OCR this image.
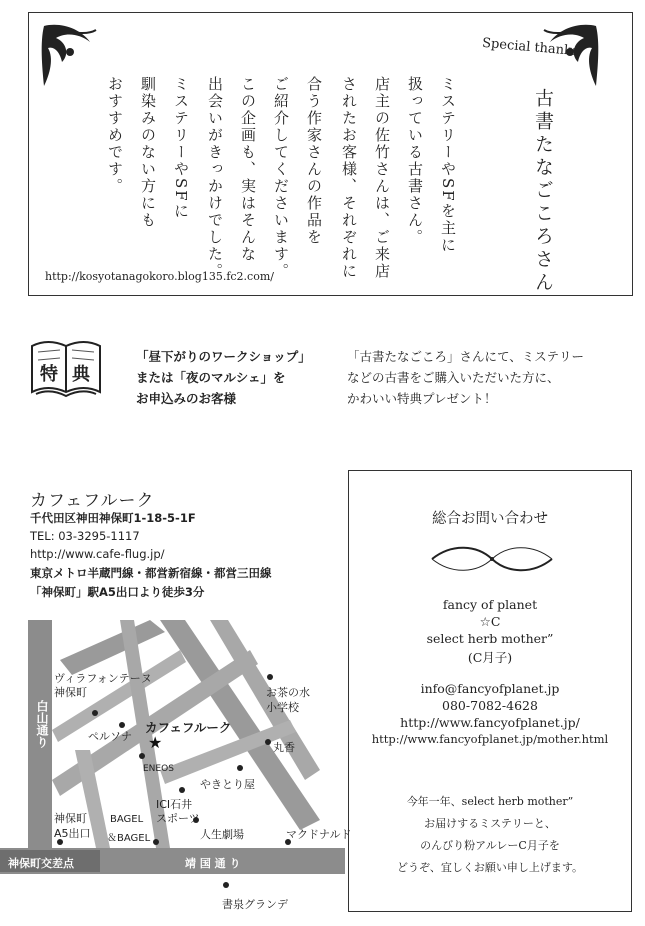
Special thanks
古書たなごころさん
ミステリーやSFを主に
扱っている古書さん。
店主の佐竹さんは、ご来店
されたお客様、それぞれに
合う作家さんの作品を
ご紹介してくださいます。
この企画も、実はそんな
出会いがきっかけでした。
ミステリーやSFに
馴染みのない方にも
おすすめです。
http://kosyotanagokoro.blog135.fc2.com/
特 典
「昼下がりのワークショップ」
または「夜のマルシェ」を
お申込みのお客様
「古書たなごころ」さんにて、ミステリー
などの古書をご購入いただいた方に、
かわいい特典プレゼント！
カフェフルーク
千代田区神田神保町1-18-5-1F
TEL: 03-3295-1117
http://www.cafe-flug.jp/
東京メトロ半蔵門線・都営新宿線・都営三田線
「神保町」駅A5出口より徒歩3分
★
ヴィラフォンテーヌ
神保町
白山通り	ペルソナ
カフェフルーク
ENEOS
お茶の水
小学校
丸香
やきとり屋
神保町
A5出口
BAGEL
＆BAGEL
ICI石井
スポーツ
人生劇場	マクドナルド
神保町交差点	靖 国 通 り
書泉グランデ
総合お問い合わせ
fancy of planet
☆C
select herb mother”
(C月子)
info@fancyofplanet.jp
080-7082-4628
http://www.fancyofplanet.jp/
http://www.fancyofplanet.jp/mother.html
今年一年、select herb mother”
お届けするミステリーと、
のんびり粉アルレーC月子を
どうぞ、宜しくお願い申し上げます。
